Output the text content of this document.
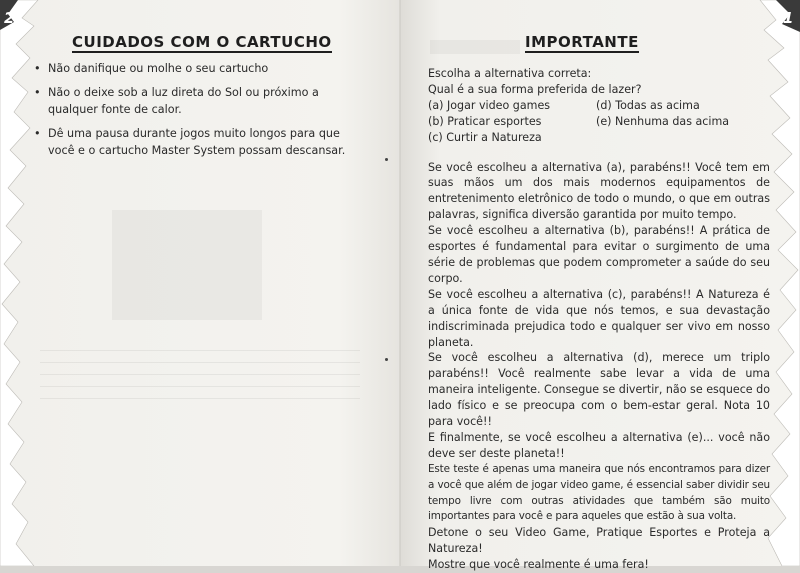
2	1
CUIDADOS COM O CARTUCHO
• Não danifique ou molhe o seu cartucho
• Não o deixe sob a luz direta do Sol ou próximo a qualquer fonte de calor.
• Dê uma pausa durante jogos muito longos para que você e o cartucho Master System possam descansar.
IMPORTANTE

Escolha a alternativa correta:

Qual é a sua forma preferida de lazer?

(a) Jogar video games	(d) Todas as acima
(b) Praticar esportes	(e) Nenhuma das acima
(c) Curtir a Natureza

Se você escolheu a alternativa (a), parabéns!! Você tem em suas mãos um dos mais modernos equipamentos de entretenimento eletrônico de todo o mundo, o que em outras palavras, significa diversão garantida por muito tempo.

Se você escolheu a alternativa (b), parabéns!! A prática de esportes é fundamental para evitar o surgimento de uma série de problemas que podem comprometer a saúde do seu corpo.

Se você escolheu a alternativa (c), parabéns!! A Natureza é a única fonte de vida que nós temos, e sua devastação indiscriminada prejudica todo e qualquer ser vivo em nosso planeta.

Se você escolheu a alternativa (d), merece um triplo parabéns!! Você realmente sabe levar a vida de uma maneira inteligente. Consegue se divertir, não se esquece do lado físico e se preocupa com o bem-estar geral. Nota 10 para você!!

E finalmente, se você escolheu a alternativa (e)... você não deve ser deste planeta!!

Este teste é apenas uma maneira que nós encontramos para dizer a você que além de jogar video game, é essencial saber dividir seu tempo livre com outras atividades que também são muito importantes para você e para aqueles que estão à sua volta.

Detone o seu Video Game, Pratique Esportes e Proteja a Natureza!

Mostre que você realmente é uma fera!
